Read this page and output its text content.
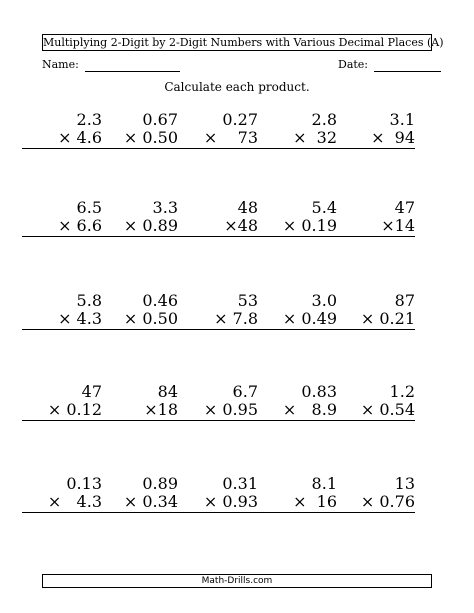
Multiplying 2-Digit by 2-Digit Numbers with Various Decimal Places (A)
Name:	Date:
Calculate each product.
2.3
× 4.6
0.67
× 0.50
0.27
×    73
2.8
×  32
3.1
×  94
6.5
× 6.6
3.3
× 0.89
48
×48
5.4
× 0.19
47
×14
5.8
× 4.3
0.46
× 0.50
53
× 7.8
3.0
× 0.49
87
× 0.21
47
× 0.12
84
×18
6.7
× 0.95
0.83
×   8.9
1.2
× 0.54
0.13
×   4.3
0.89
× 0.34
0.31
× 0.93
8.1
×  16
13
× 0.76
Math-Drills.com
